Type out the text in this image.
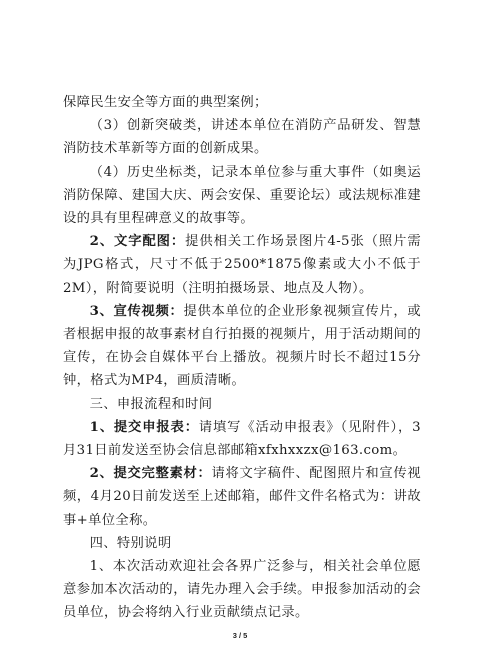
保障民生安全等方面的典型案例；

（3）创新突破类，讲述本单位在消防产品研发、智慧消防技术革新等方面的创新成果。

（4）历史坐标类，记录本单位参与重大事件（如奥运消防保障、建国大庆、两会安保、重要论坛）或法规标准建设的具有里程碑意义的故事等。

2、文字配图：提供相关工作场景图片4-5张（照片需为JPG格式，尺寸不低于2500*1875像素或大小不低于2M），附简要说明（注明拍摄场景、地点及人物）。

3、宣传视频：提供本单位的企业形象视频宣传片，或者根据申报的故事素材自行拍摄的视频片，用于活动期间的宣传，在协会自媒体平台上播放。视频片时长不超过15分钟，格式为MP4，画质清晰。

三、申报流程和时间

1、提交申报表：请填写《活动申报表》（见附件），3月31日前发送至协会信息部邮箱xfxhxxzx@163.com。

2、提交完整素材：请将文字稿件、配图照片和宣传视频，4月20日前发送至上述邮箱，邮件文件名格式为：讲故事+单位全称。

四、特别说明

1、本次活动欢迎社会各界广泛参与，相关社会单位愿意参加本次活动的，请先办理入会手续。申报参加活动的会员单位，协会将纳入行业贡献绩点记录。

3 / 5
